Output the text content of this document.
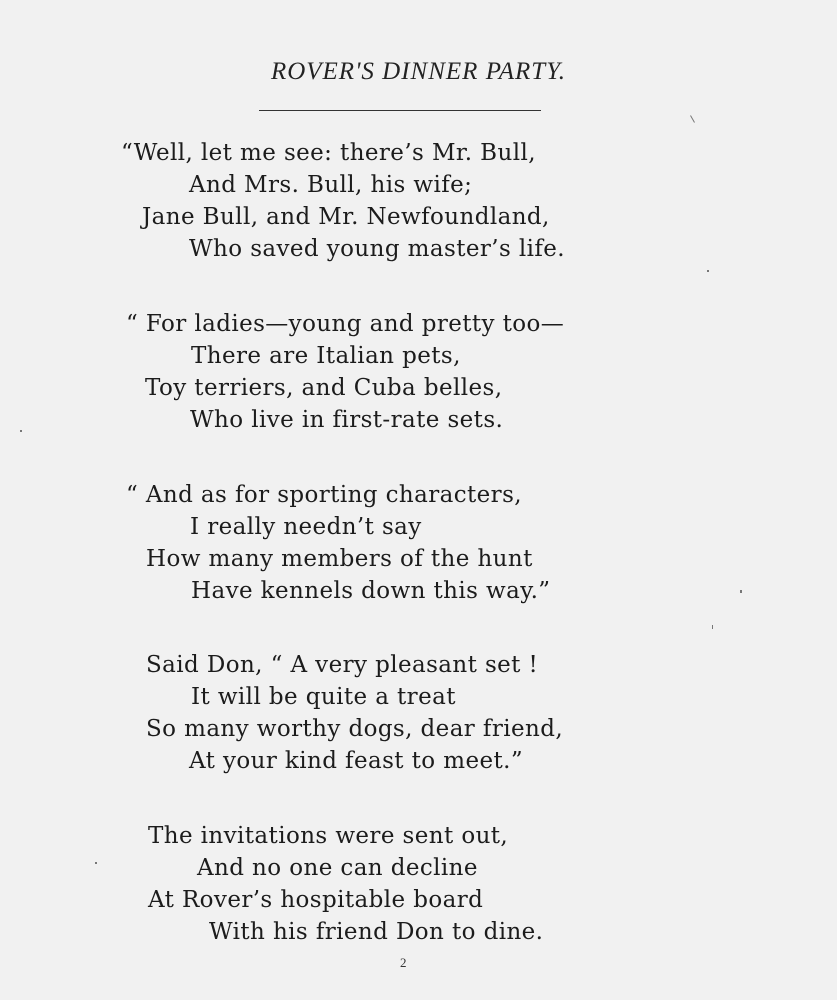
ROVER'S DINNER PARTY.
“Well, let me see: there’s Mr. Bull,
And Mrs. Bull, his wife;
Jane Bull, and Mr. Newfoundland,
Who saved young master’s life.
“ For ladies—young and pretty too—
There are Italian pets,
Toy terriers, and Cuba belles,
Who live in first-rate sets.
“ And as for sporting characters,
I really needn’t say
How many members of the hunt
Have kennels down this way.”
Said Don, “ A very pleasant set !
It will be quite a treat
So many worthy dogs, dear friend,
At your kind feast to meet.”
The invitations were sent out,
And no one can decline
At Rover’s hospitable board
With his friend Don to dine.
2
